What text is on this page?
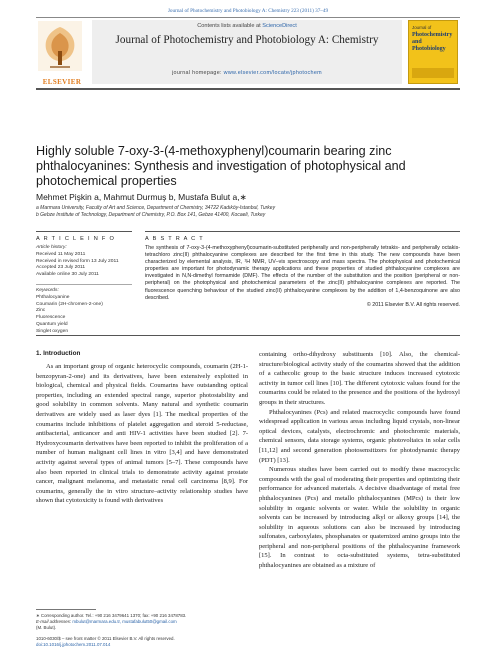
Journal of Photochemistry and Photobiology A: Chemistry 223 (2011) 37–49
ELSEVIER
Contents lists available at ScienceDirect
Journal of Photochemistry and Photobiology A: Chemistry
journal homepage: www.elsevier.com/locate/jphotochem
Journal of
Photochemistry and Photobiology
Highly soluble 7-oxy-3-(4-methoxyphenyl)coumarin bearing zinc phthalocyanines: Synthesis and investigation of photophysical and photochemical properties
Mehmet Pişkin a, Mahmut Durmuş b, Mustafa Bulut a,∗
a Marmara University, Faculty of Art and Science, Department of Chemistry, 34722 Kadıköy-Istanbul, Turkey
b Gebze Institute of Technology, Department of Chemistry, P.O. Box 141, Gebze 41400, Kocaeli, Turkey
A R T I C L E I N F O	A B S T R A C T
Article history:
Received 11 May 2011
Received in revised form 13 July 2011
Accepted 23 July 2011
Available online 30 July 2011
Keywords:
Phthalocyanine
Coumarin (2H-chromen-2-one)
Zinc
Fluorescence
Quantum yield
Singlet oxygen
The synthesis of 7-oxy-3-(4-methoxyphenyl)coumarin-substituted peripherally and non-peripherally tetrakis- and peripherally octakis-tetrachloro zinc(II) phthalocyanine complexes are described for the first time in this study. The new compounds have been characterized by elemental analysis, IR, ¹H NMR, UV–vis spectroscopy and mass spectra. The photophysical and photochemical properties are important for photodynamic therapy applications and these properties of studied phthalocyanine complexes are investigated in N,N-dimethyl formamide (DMF). The effects of the number of the substitution and the position (peripheral or non-peripheral) on the photophysical and photochemical parameters of the zinc(II) phthalocyanine complexes are reported. The fluorescence quenching behaviour of the studied zinc(II) phthalocyanine complexes by the addition of 1,4-benzoquinone are also described.
© 2011 Elsevier B.V. All rights reserved.
1. Introduction

As an important group of organic heterocyclic compounds, coumarin (2H-1-benzopyran-2-one) and its derivatives, have been extensively exploited in biological, chemical and physical fields. Coumarins have outstanding optical properties, including an extended spectral range, superior photostability and good solubility in common solvents. Many natural and synthetic coumarin derivatives are widely used as laser dyes [1]. The medical properties of the coumarins include inhibitions of platelet aggregation and steroid 5-reductase, antibacterial, anticancer and anti HIV-1 activities have been studied [2]. 7-Hydroxycoumarin derivatives have been reported to inhibit the proliferation of a number of human malignant cell lines in vitro [3,4] and have demonstrated activity against several types of animal tumors [5–7]. These compounds have also been reported in clinical trials to demonstrate activity against prostate cancer, malignant melanoma, and metastatic renal cell carcinoma [8,9]. For coumarins, generally the in vitro structure–activity relationship studies have shown that cytotoxicity is found with derivatives

containing ortho-dihydroxy substituents [10]. Also, the chemical-structure/biological activity study of the coumarins showed that the addition of a cathecolic group to the basic structure induces increased cytotoxic activity in tumor cell lines [10]. The different cytotoxic values found for the coumarins could be related to the presence and the positions of the hydroxyl groups in their structures.

Phthalocyanines (Pcs) and related macrocyclic compounds have found widespread application in various areas including liquid crystals, non-linear optical devices, catalysts, electrochromic and photochromic materials, chemical sensors, data storage systems, organic photovoltaics in solar cells [11,12] and second generation photosensitizers for photodynamic therapy (PDT) [13].

Numerous studies have been carried out to modify these macrocyclic compounds with the goal of moderating their properties and optimizing their performance for advanced materials. A decisive disadvantage of metal free phthalocyanines (Pcs) and metallo phthalocyanines (MPcs) is their low solubility in organic solvents or water. While the solubility in organic solvents can be increased by introducing alkyl or alkoxy groups [14], the solubility in aqueous solutions can also be increased by introducing sulfonates, carboxylates, phosphanates or quaternized amino groups into the peripheral and non-peripheral positions of the phthalocyanine framework [15]. In contrast to octa-substituted systems, tetra-substituted phthalocyanines are obtained as a mixture of

∗ Corresponding author. Tel.: +90 216 3479641 1370; fax: +90 216 3478783.
E-mail addresses: mbulut@marmara.edu.tr, mustafabulut50@gmail.com
(M. Bulut).
1010-6030/$ – see front matter © 2011 Elsevier B.V. All rights reserved.
doi:10.1016/j.jphotochem.2011.07.014
